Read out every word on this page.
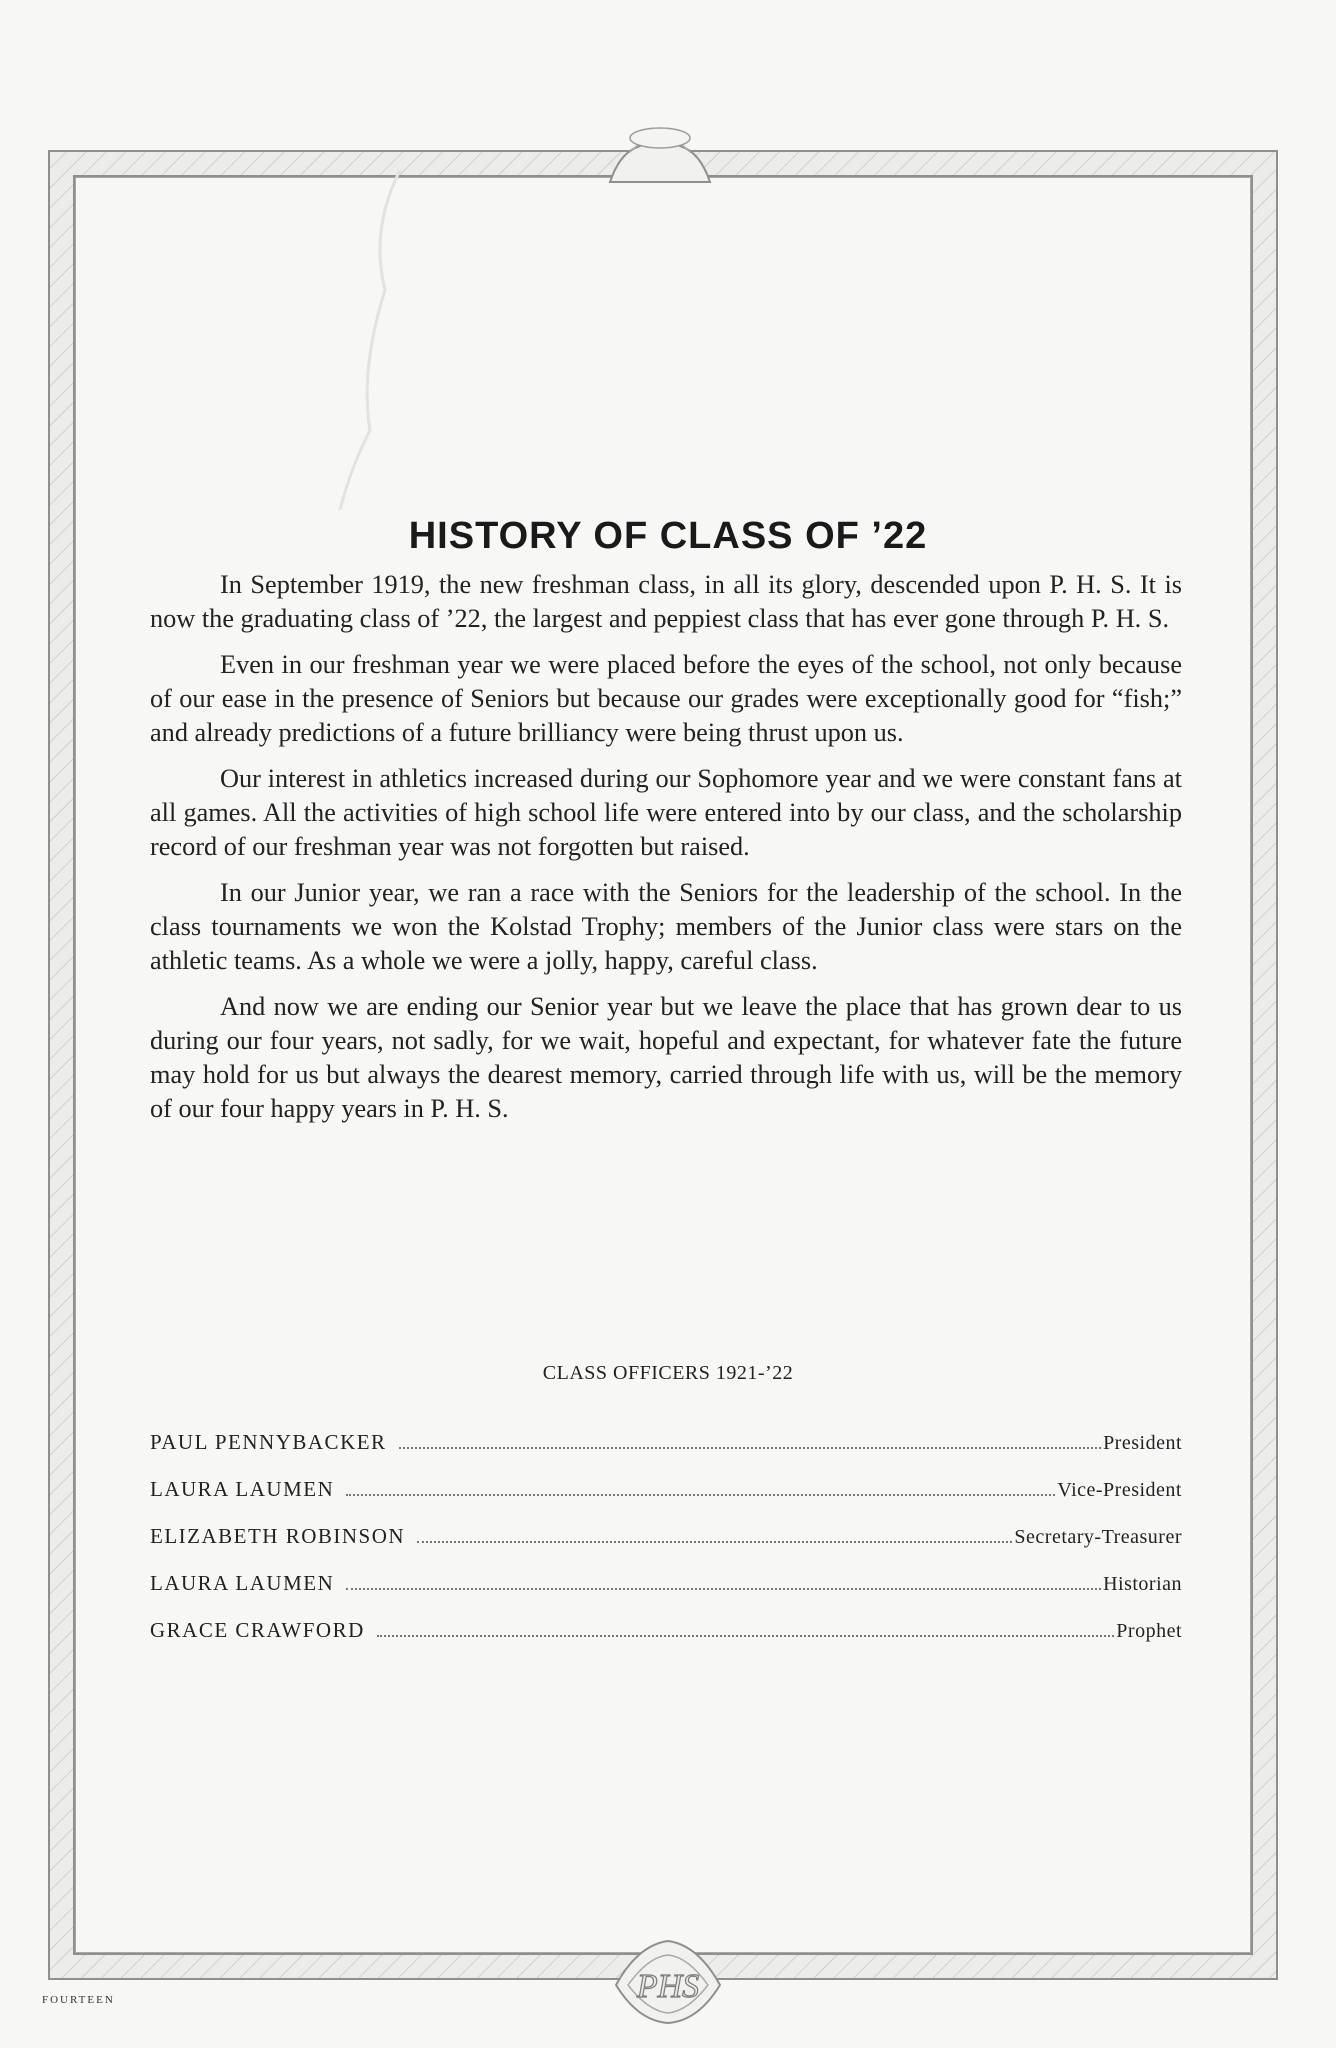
PHS
HISTORY OF CLASS OF ’22

In September 1919, the new freshman class, in all its glory, descended upon P. H. S. It is now the graduating class of ’22, the largest and peppiest class that has ever gone through P. H. S.

Even in our freshman year we were placed before the eyes of the school, not only because of our ease in the presence of Seniors but because our grades were exceptionally good for “fish;” and already predictions of a future brilliancy were being thrust upon us.

Our interest in athletics increased during our Sophomore year and we were constant fans at all games. All the activities of high school life were entered into by our class, and the scholarship record of our freshman year was not forgotten but raised.

In our Junior year, we ran a race with the Seniors for the leadership of the school. In the class tournaments we won the Kolstad Trophy; members of the Junior class were stars on the athletic teams. As a whole we were a jolly, happy, careful class.

And now we are ending our Senior year but we leave the place that has grown dear to us during our four years, not sadly, for we wait, hopeful and expectant, for whatever fate the future may hold for us but always the dearest memory, carried through life with us, will be the memory of our four happy years in P. H. S.

CLASS OFFICERS 1921-’22
PAUL PENNYBACKER	President
LAURA LAUMEN	Vice-President
ELIZABETH ROBINSON	Secretary-Treasurer
LAURA LAUMEN	Historian
GRACE CRAWFORD	Prophet
FOURTEEN
